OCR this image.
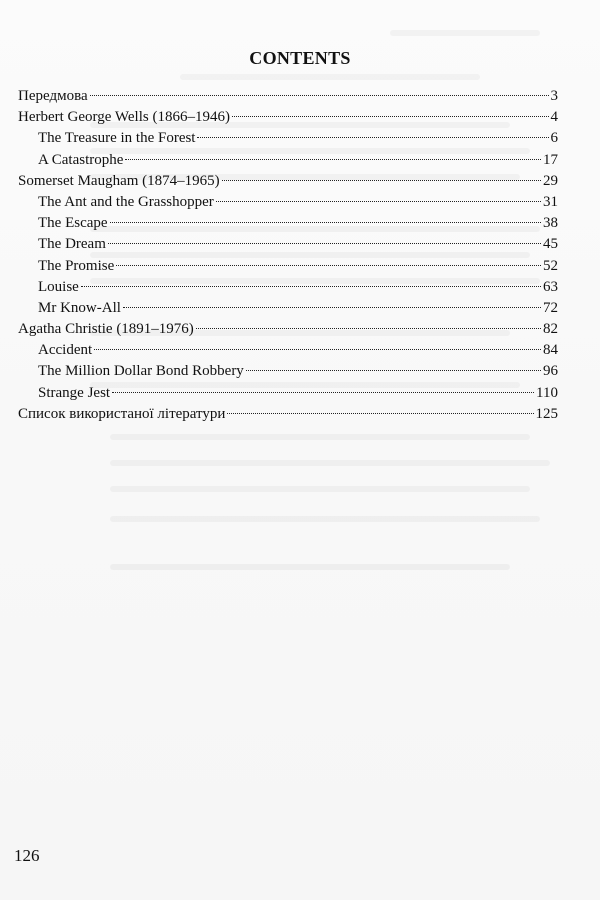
CONTENTS
Передмова	3
Herbert George Wells (1866–1946)	4
The Treasure in the Forest	6
A Catastrophe	17
Somerset Maugham (1874–1965)	29
The Ant and the Grasshopper	31
The Escape	38
The Dream	45
The Promise	52
Louise	63
Mr Know-All	72
Agatha Christie (1891–1976)	82
Accident	84
The Million Dollar Bond Robbery	96
Strange Jest	110
Список використаної літератури	125
126
